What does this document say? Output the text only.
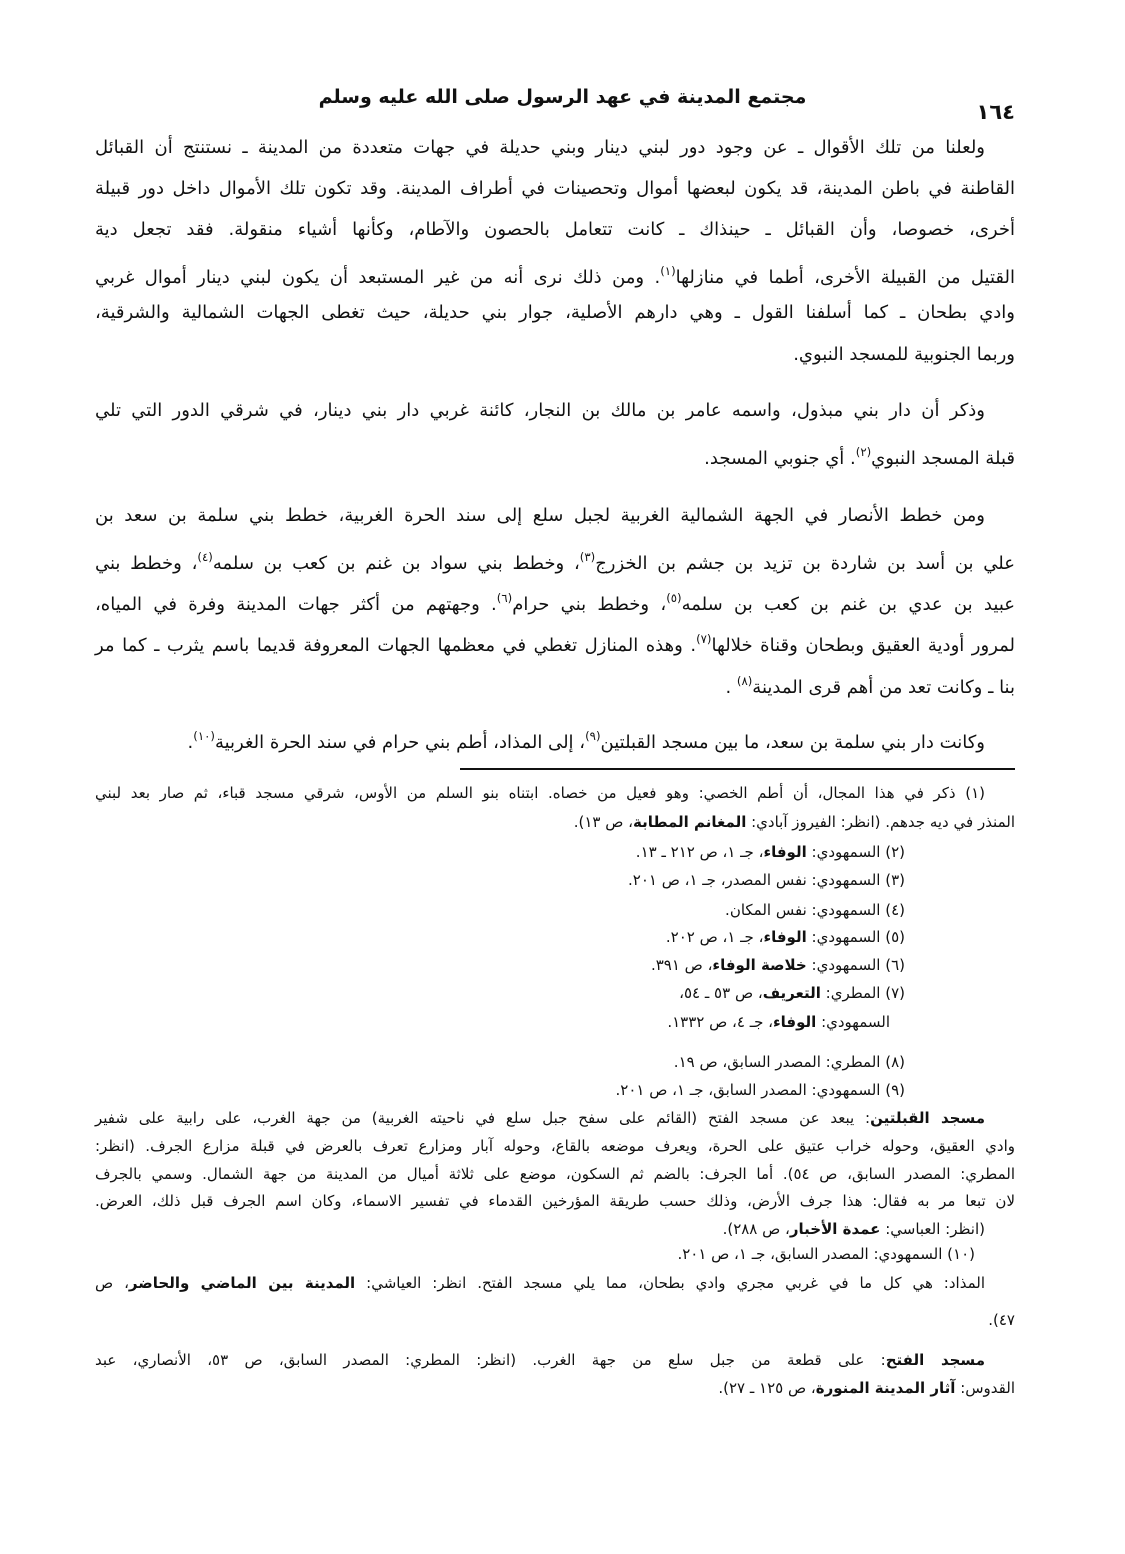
مجتمع المدينة في عهد الرسول صلى الله عليه وسلم
١٦٤
ولعلنا من تلك الأقوال ـ عن وجود دور لبني دينار وبني حديلة في جهات متعددة من المدينة ـ نستنتج أن القبائل
القاطنة في باطن المدينة، قد يكون لبعضها أموال وتحصينات في أطراف المدينة. وقد تكون تلك الأموال داخل دور قبيلة
أخرى، خصوصا، وأن القبائل ـ حينذاك ـ كانت تتعامل بالحصون والآطام، وكأنها أشياء منقولة. فقد تجعل دية
القتيل من القبيلة الأخرى، أطما في منازلها$^{(١)}$. ومن ذلك نرى أنه من غير المستبعد أن يكون لبني دينار أموال غربي
وادي بطحان ـ كما أسلفنا القول ـ وهي دارهم الأصلية، جوار بني حديلة، حيث تغطى الجهات الشمالية والشرقية،
وربما الجنوبية للمسجد النبوي.
وذكر أن دار بني مبذول، واسمه عامر بن مالك بن النجار، كائنة غربي دار بني دينار، في شرقي الدور التي تلي
قبلة المسجد النبوي$^{(٢)}$. أي جنوبي المسجد.
ومن خطط الأنصار في الجهة الشمالية الغربية لجبل سلع إلى سند الحرة الغربية، خطط بني سلمة بن سعد بن
علي بن أسد بن شاردة بن تزيد بن جشم بن الخزرج$^{(٣)}$، وخطط بني سواد بن غنم بن كعب بن سلمه$^{(٤)}$، وخطط بني
عبيد بن عدي بن غنم بن كعب بن سلمه$^{(٥)}$، وخطط بني حرام$^{(٦)}$. وجهتهم من أكثر جهات المدينة وفرة في المياه،
لمرور أودية العقيق وبطحان وقناة خلالها$^{(٧)}$. وهذه المنازل تغطي في معظمها الجهات المعروفة قديما باسم يثرب ـ كما مر
بنا ـ وكانت تعد من أهم قرى المدينة$^{(٨)}$ .
وكانت دار بني سلمة بن سعد، ما بين مسجد القبلتين$^{(٩)}$، إلى المذاد، أطم بني حرام في سند الحرة الغربية$^{(١٠)}$.
(١) ذكر في هذا المجال، أن أطم الخصي: وهو فعيل من خصاه. ابتناه بنو السلم من الأوس، شرقي مسجد قباء، ثم صار بعد لبني
المنذر في ديه جدهم. (انظر: الفيروز آبادي: المغانم المطابة، ص ١٣).
(٢) السمهودي: الوفاء، جـ ١، ص ٢١٢ ـ ١٣.
(٣) السمهودي: نفس المصدر، جـ ١، ص ٢٠١.
(٤) السمهودي: نفس المكان.
(٥) السمهودي: الوفاء، جـ ١، ص ٢٠٢.
(٦) السمهودي: خلاصة الوفاء، ص ٣٩١.
(٧) المطري: التعريف، ص ٥٣ ـ ٥٤،
السمهودي: الوفاء، جـ ٤، ص ١٣٣٢.
(٨) المطري: المصدر السابق، ص ١٩.
(٩) السمهودي: المصدر السابق، جـ ١، ص ٢٠١.
مسجد القبلتين: يبعد عن مسجد الفتح (القائم على سفح جبل سلع في ناحيته الغربية) من جهة الغرب، على رابية على شفير
وادي العقيق، وحوله خراب عتيق على الحرة، ويعرف موضعه بالقاع، وحوله آبار ومزارع تعرف بالعرض في قبلة مزارع الجرف. (انظر:
المطري: المصدر السابق، ص ٥٤). أما الجرف: بالضم ثم السكون، موضع على ثلاثة أميال من المدينة من جهة الشمال. وسمي بالجرف
لان تبعا مر به فقال: هذا جرف الأرض، وذلك حسب طريقة المؤرخين القدماء في تفسير الاسماء، وكان اسم الجرف قبل ذلك، العرض.
(انظر: العباسي: عمدة الأخبار، ص ٢٨٨).
(١٠) السمهودي: المصدر السابق، جـ ١، ص ٢٠١.
المذاد: هي كل ما في غربي مجري وادي بطحان، مما يلي مسجد الفتح. انظر: العياشي: المدينة بين الماضي والحاضر، ص
٤٧).
مسجد الفتح: على قطعة من جبل سلع من جهة الغرب. (انظر: المطري: المصدر السابق، ص ٥٣، الأنصاري، عبد
القدوس: آثار المدينة المنورة، ص ١٢٥ ـ ٢٧).
